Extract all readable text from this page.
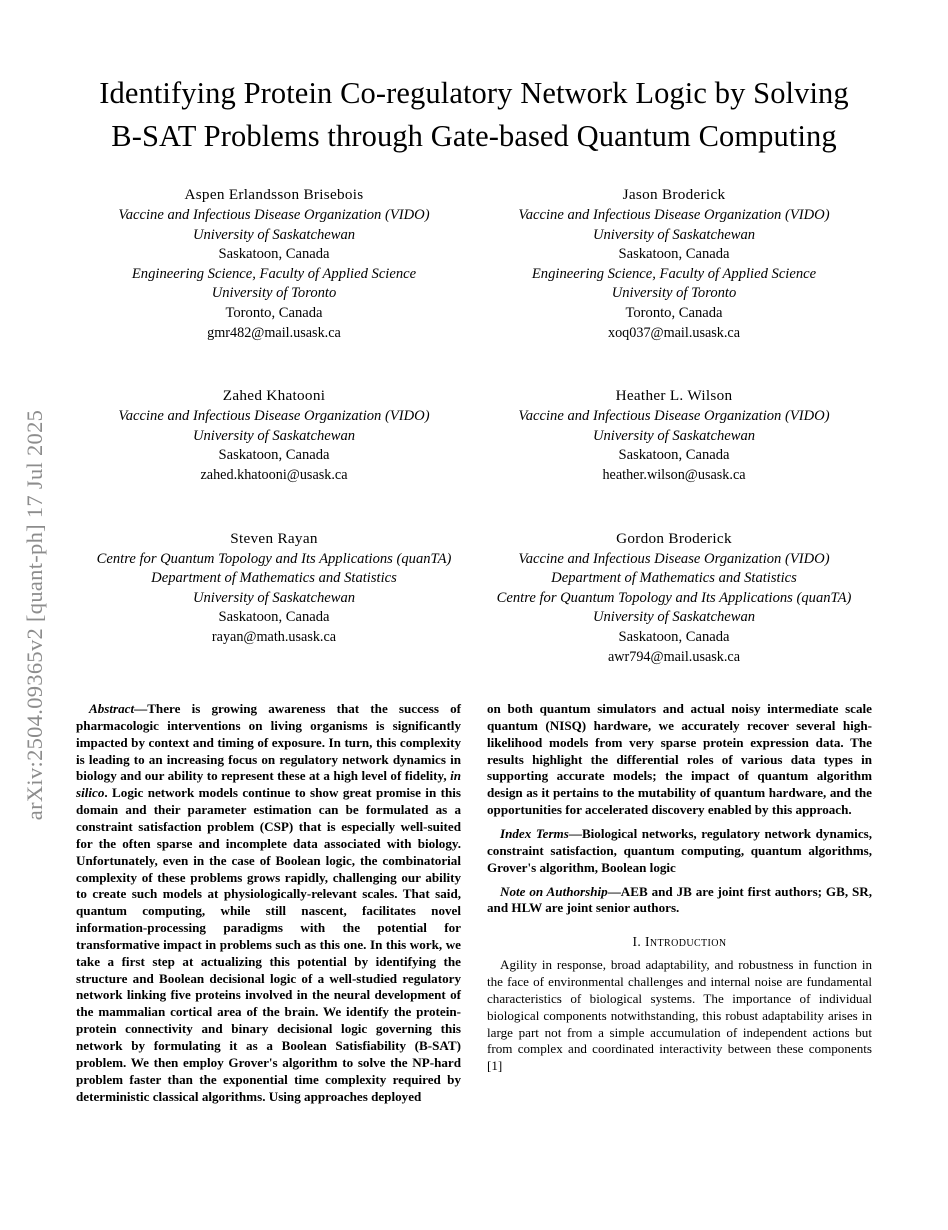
arXiv:2504.09365v2 [quant-ph] 17 Jul 2025
Identifying Protein Co-regulatory Network Logic by Solving B-SAT Problems through Gate-based Quantum Computing
Aspen Erlandsson Brisebois
Vaccine and Infectious Disease Organization (VIDO)
University of Saskatchewan
Saskatoon, Canada
Engineering Science, Faculty of Applied Science
University of Toronto
Toronto, Canada
gmr482@mail.usask.ca
Jason Broderick
Vaccine and Infectious Disease Organization (VIDO)
University of Saskatchewan
Saskatoon, Canada
Engineering Science, Faculty of Applied Science
University of Toronto
Toronto, Canada
xoq037@mail.usask.ca
Zahed Khatooni
Vaccine and Infectious Disease Organization (VIDO)
University of Saskatchewan
Saskatoon, Canada
zahed.khatooni@usask.ca
Heather L. Wilson
Vaccine and Infectious Disease Organization (VIDO)
University of Saskatchewan
Saskatoon, Canada
heather.wilson@usask.ca
Steven Rayan
Centre for Quantum Topology and Its Applications (quanTA)
Department of Mathematics and Statistics
University of Saskatchewan
Saskatoon, Canada
rayan@math.usask.ca
Gordon Broderick
Vaccine and Infectious Disease Organization (VIDO)
Department of Mathematics and Statistics
Centre for Quantum Topology and Its Applications (quanTA)
University of Saskatchewan
Saskatoon, Canada
awr794@mail.usask.ca

Abstract—There is growing awareness that the success of pharmacologic interventions on living organisms is significantly impacted by context and timing of exposure. In turn, this complexity is leading to an increasing focus on regulatory network dynamics in biology and our ability to represent these at a high level of fidelity, in silico. Logic network models continue to show great promise in this domain and their parameter estimation can be formulated as a constraint satisfaction problem (CSP) that is especially well-suited for the often sparse and incomplete data associated with biology. Unfortunately, even in the case of Boolean logic, the combinatorial complexity of these problems grows rapidly, challenging our ability to create such models at physiologically-relevant scales. That said, quantum computing, while still nascent, facilitates novel information-processing paradigms with the potential for transformative impact in problems such as this one. In this work, we take a first step at actualizing this potential by identifying the structure and Boolean decisional logic of a well-studied regulatory network linking five proteins involved in the neural development of the mammalian cortical area of the brain. We identify the protein-protein connectivity and binary decisional logic governing this network by formulating it as a Boolean Satisfiability (B-SAT) problem. We then employ Grover's algorithm to solve the NP-hard problem faster than the exponential time complexity required by deterministic classical algorithms. Using approaches deployed

on both quantum simulators and actual noisy intermediate scale quantum (NISQ) hardware, we accurately recover several high-likelihood models from very sparse protein expression data. The results highlight the differential roles of various data types in supporting accurate models; the impact of quantum algorithm design as it pertains to the mutability of quantum hardware, and the opportunities for accelerated discovery enabled by this approach.

Index Terms—Biological networks, regulatory network dynamics, constraint satisfaction, quantum computing, quantum algorithms, Grover's algorithm, Boolean logic

Note on Authorship—AEB and JB are joint first authors; GB, SR, and HLW are joint senior authors.

I. Introduction

Agility in response, broad adaptability, and robustness in function in the face of environmental challenges and internal noise are fundamental characteristics of biological systems. The importance of individual biological components notwithstanding, this robust adaptability arises in large part not from a simple accumulation of independent actions but from complex and coordinated interactivity between these components [1]
